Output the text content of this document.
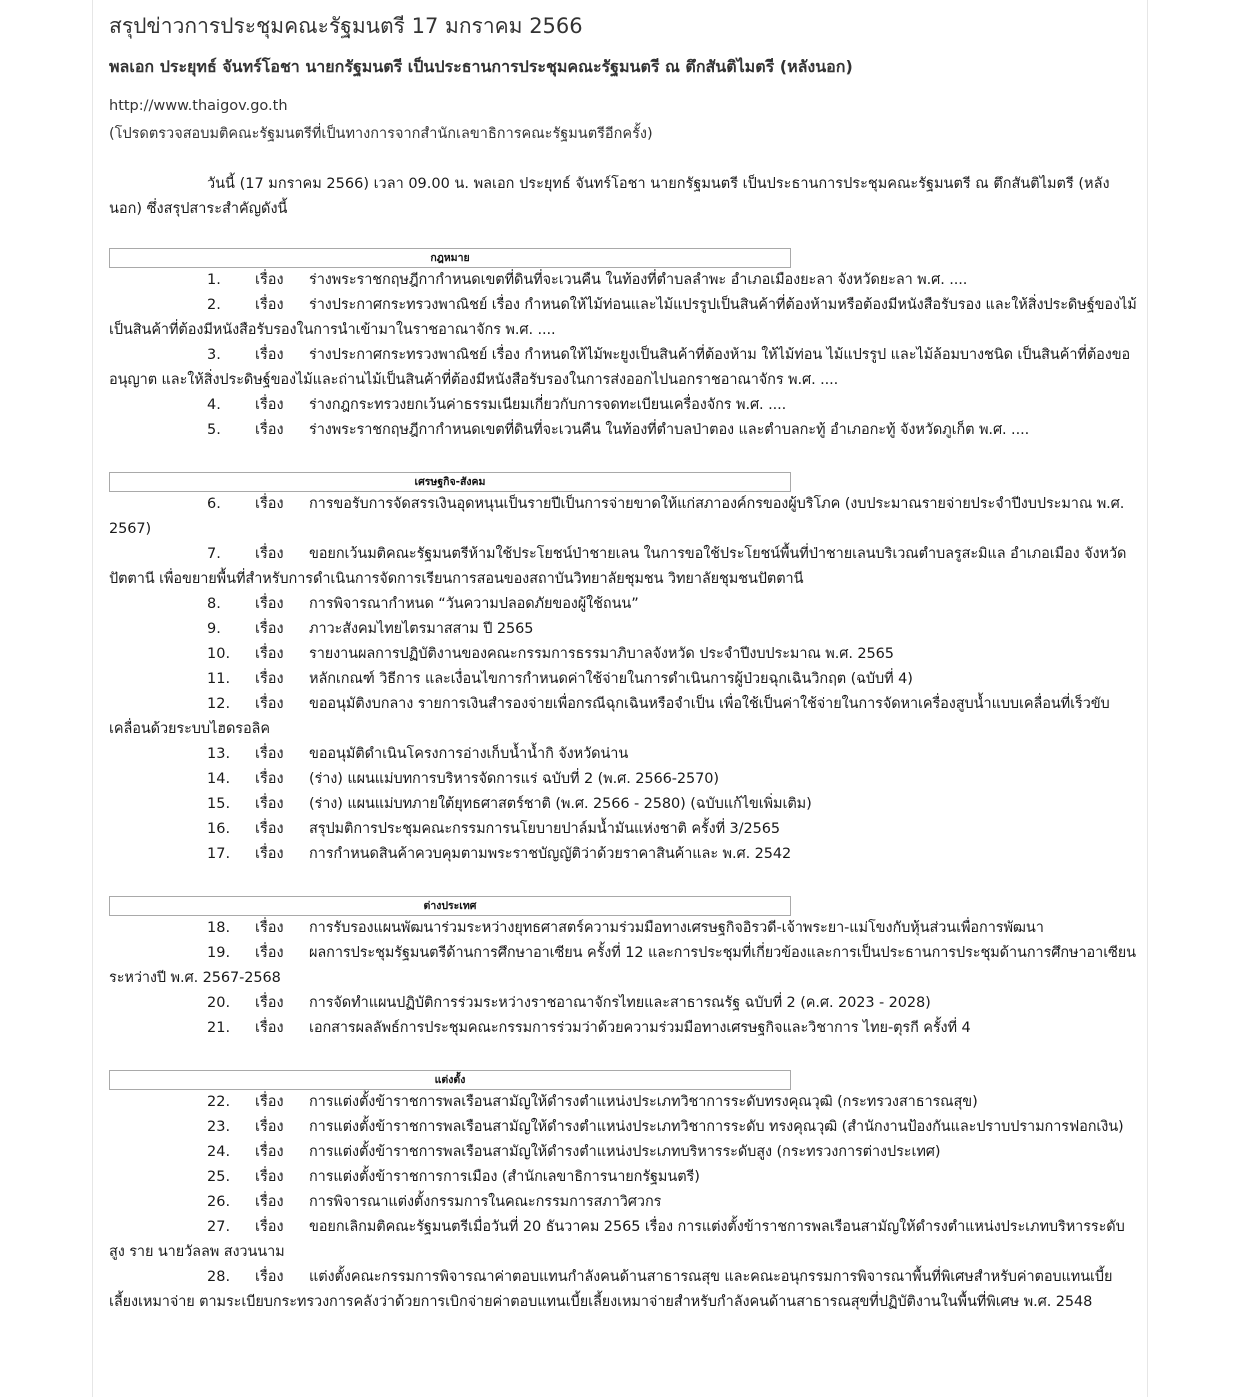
สรุปข่าวการประชุมคณะรัฐมนตรี 17 มกราคม 2566
พลเอก ประยุทธ์ จันทร์โอชา นายกรัฐมนตรี เป็นประธานการประชุมคณะรัฐมนตรี ณ ตึกสันติไมตรี (หลังนอก)
http://www.thaigov.go.th
(โปรดตรวจสอบมติคณะรัฐมนตรีที่เป็นทางการจากสำนักเลขาธิการคณะรัฐมนตรีอีกครั้ง)
วันนี้ (17 มกราคม 2566) เวลา 09.00 น. พลเอก ประยุทธ์ จันทร์โอชา นายกรัฐมนตรี เป็นประธานการประชุมคณะรัฐมนตรี ณ ตึกสันติไมตรี (หลังนอก) ซึ่งสรุปสาระสำคัญดังนี้
กฎหมาย
1. เรื่อง ร่างพระราชกฤษฎีกากำหนดเขตที่ดินที่จะเวนคืน ในท้องที่ตำบลลำพะ อำเภอเมืองยะลา จังหวัดยะลา พ.ศ. ....
2. เรื่อง ร่างประกาศกระทรวงพาณิชย์ เรื่อง กำหนดให้ไม้ท่อนและไม้แปรรูปเป็นสินค้าที่ต้องห้ามหรือต้องมีหนังสือรับรอง และให้สิ่งประดิษฐ์ของไม้เป็นสินค้าที่ต้องมีหนังสือรับรองในการนำเข้ามาในราชอาณาจักร พ.ศ. ....
3. เรื่อง ร่างประกาศกระทรวงพาณิชย์ เรื่อง กำหนดให้ไม้พะยูงเป็นสินค้าที่ต้องห้าม ให้ไม้ท่อน ไม้แปรรูป และไม้ล้อมบางชนิด เป็นสินค้าที่ต้องขออนุญาต และให้สิ่งประดิษฐ์ของไม้และถ่านไม้เป็นสินค้าที่ต้องมีหนังสือรับรองในการส่งออกไปนอกราชอาณาจักร พ.ศ. ....
4. เรื่อง ร่างกฎกระทรวงยกเว้นค่าธรรมเนียมเกี่ยวกับการจดทะเบียนเครื่องจักร พ.ศ. ....
5. เรื่อง ร่างพระราชกฤษฎีกากำหนดเขตที่ดินที่จะเวนคืน ในท้องที่ตำบลป่าตอง และตำบลกะทู้ อำเภอกะทู้ จังหวัดภูเก็ต พ.ศ. ....
เศรษฐกิจ-สังคม
6. เรื่อง การขอรับการจัดสรรเงินอุดหนุนเป็นรายปีเป็นการจ่ายขาดให้แก่สภาองค์กรของผู้บริโภค (งบประมาณรายจ่ายประจำปีงบประมาณ พ.ศ. 2567)
7. เรื่อง ขอยกเว้นมติคณะรัฐมนตรีห้ามใช้ประโยชน์ป่าชายเลน ในการขอใช้ประโยชน์พื้นที่ป่าชายเลนบริเวณตำบลรูสะมิแล อำเภอเมือง จังหวัดปัตตานี เพื่อขยายพื้นที่สำหรับการดำเนินการจัดการเรียนการสอนของสถาบันวิทยาลัยชุมชน วิทยาลัยชุมชนปัตตานี
8. เรื่อง การพิจารณากำหนด “วันความปลอดภัยของผู้ใช้ถนน”
9. เรื่อง ภาวะสังคมไทยไตรมาสสาม ปี 2565
10. เรื่อง รายงานผลการปฏิบัติงานของคณะกรรมการธรรมาภิบาลจังหวัด ประจำปีงบประมาณ พ.ศ. 2565
11. เรื่อง หลักเกณฑ์ วิธีการ และเงื่อนไขการกำหนดค่าใช้จ่ายในการดำเนินการผู้ป่วยฉุกเฉินวิกฤต (ฉบับที่ 4)
12. เรื่อง ขออนุมัติงบกลาง รายการเงินสำรองจ่ายเพื่อกรณีฉุกเฉินหรือจำเป็น เพื่อใช้เป็นค่าใช้จ่ายในการจัดหาเครื่องสูบน้ำแบบเคลื่อนที่เร็วขับเคลื่อนด้วยระบบไฮดรอลิค
13. เรื่อง ขออนุมัติดำเนินโครงการอ่างเก็บน้ำน้ำกิ จังหวัดน่าน
14. เรื่อง (ร่าง) แผนแม่บทการบริหารจัดการแร่ ฉบับที่ 2 (พ.ศ. 2566-2570)
15. เรื่อง (ร่าง) แผนแม่บทภายใต้ยุทธศาสตร์ชาติ (พ.ศ. 2566 - 2580) (ฉบับแก้ไขเพิ่มเติม)
16. เรื่อง สรุปมติการประชุมคณะกรรมการนโยบายปาล์มน้ำมันแห่งชาติ ครั้งที่ 3/2565
17. เรื่อง การกำหนดสินค้าควบคุมตามพระราชบัญญัติว่าด้วยราคาสินค้าและ พ.ศ. 2542
ต่างประเทศ
18. เรื่อง การรับรองแผนพัฒนาร่วมระหว่างยุทธศาสตร์ความร่วมมือทางเศรษฐกิจอิรวดี-เจ้าพระยา-แม่โขงกับหุ้นส่วนเพื่อการพัฒนา
19. เรื่อง ผลการประชุมรัฐมนตรีด้านการศึกษาอาเซียน ครั้งที่ 12 และการประชุมที่เกี่ยวข้องและการเป็นประธานการประชุมด้านการศึกษาอาเซียน ระหว่างปี พ.ศ. 2567-2568
20. เรื่อง การจัดทำแผนปฏิบัติการร่วมระหว่างราชอาณาจักรไทยและสาธารณรัฐ ฉบับที่ 2 (ค.ศ. 2023 - 2028)
21. เรื่อง เอกสารผลลัพธ์การประชุมคณะกรรมการร่วมว่าด้วยความร่วมมือทางเศรษฐกิจและวิชาการ ไทย-ตุรกี ครั้งที่ 4
แต่งตั้ง
22. เรื่อง การแต่งตั้งข้าราชการพลเรือนสามัญให้ดำรงตำแหน่งประเภทวิชาการระดับทรงคุณวุฒิ (กระทรวงสาธารณสุข)
23. เรื่อง การแต่งตั้งข้าราชการพลเรือนสามัญให้ดำรงตำแหน่งประเภทวิชาการระดับ ทรงคุณวุฒิ (สำนักงานป้องกันและปราบปรามการฟอกเงิน)
24. เรื่อง การแต่งตั้งข้าราชการพลเรือนสามัญให้ดำรงตำแหน่งประเภทบริหารระดับสูง (กระทรวงการต่างประเทศ)
25. เรื่อง การแต่งตั้งข้าราชการการเมือง (สำนักเลขาธิการนายกรัฐมนตรี)
26. เรื่อง การพิจารณาแต่งตั้งกรรมการในคณะกรรมการสภาวิศวกร
27. เรื่อง ขอยกเลิกมติคณะรัฐมนตรีเมื่อวันที่ 20 ธันวาคม 2565 เรื่อง การแต่งตั้งข้าราชการพลเรือนสามัญให้ดำรงตำแหน่งประเภทบริหารระดับสูง ราย นายวัลลพ สงวนนาม
28. เรื่อง แต่งตั้งคณะกรรมการพิจารณาค่าตอบแทนกำลังคนด้านสาธารณสุข และคณะอนุกรรมการพิจารณาพื้นที่พิเศษสำหรับค่าตอบแทนเบี้ยเลี้ยงเหมาจ่าย ตามระเบียบกระทรวงการคลังว่าด้วยการเบิกจ่ายค่าตอบแทนเบี้ยเลี้ยงเหมาจ่ายสำหรับกำลังคนด้านสาธารณสุขที่ปฏิบัติงานในพื้นที่พิเศษ พ.ศ. 2548
